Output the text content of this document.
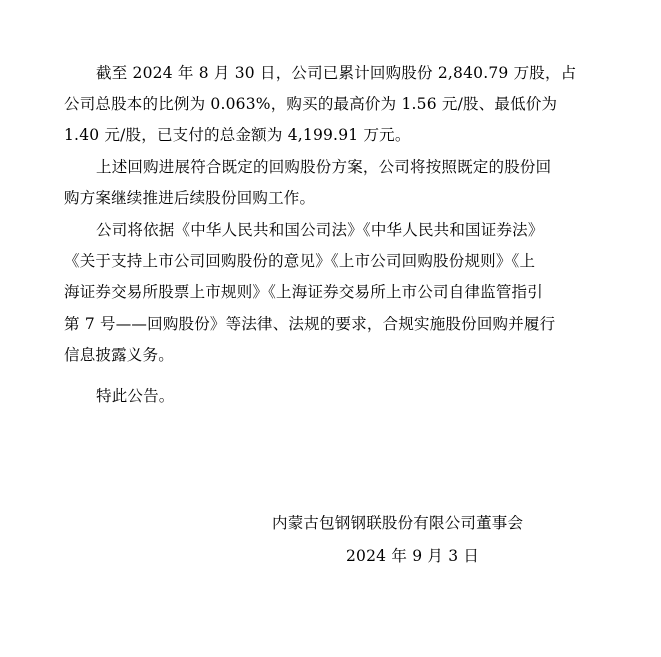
截至 2024 年 8 月 30 日，公司已累计回购股份 2,840.79 万股，占
公司总股本的比例为 0.063%，购买的最高价为 1.56 元/股、最低价为
1.40 元/股，已支付的总金额为 4,199.91 万元。
上述回购进展符合既定的回购股份方案，公司将按照既定的股份回
购方案继续推进后续股份回购工作。
公司将依据《中华人民共和国公司法》《中华人民共和国证券法》
《关于支持上市公司回购股份的意见》《上市公司回购股份规则》《上
海证券交易所股票上市规则》《上海证券交易所上市公司自律监管指引
第 7 号——回购股份》等法律、法规的要求，合规实施股份回购并履行
信息披露义务。
特此公告。
内蒙古包钢钢联股份有限公司董事会
2024 年 9 月 3 日
